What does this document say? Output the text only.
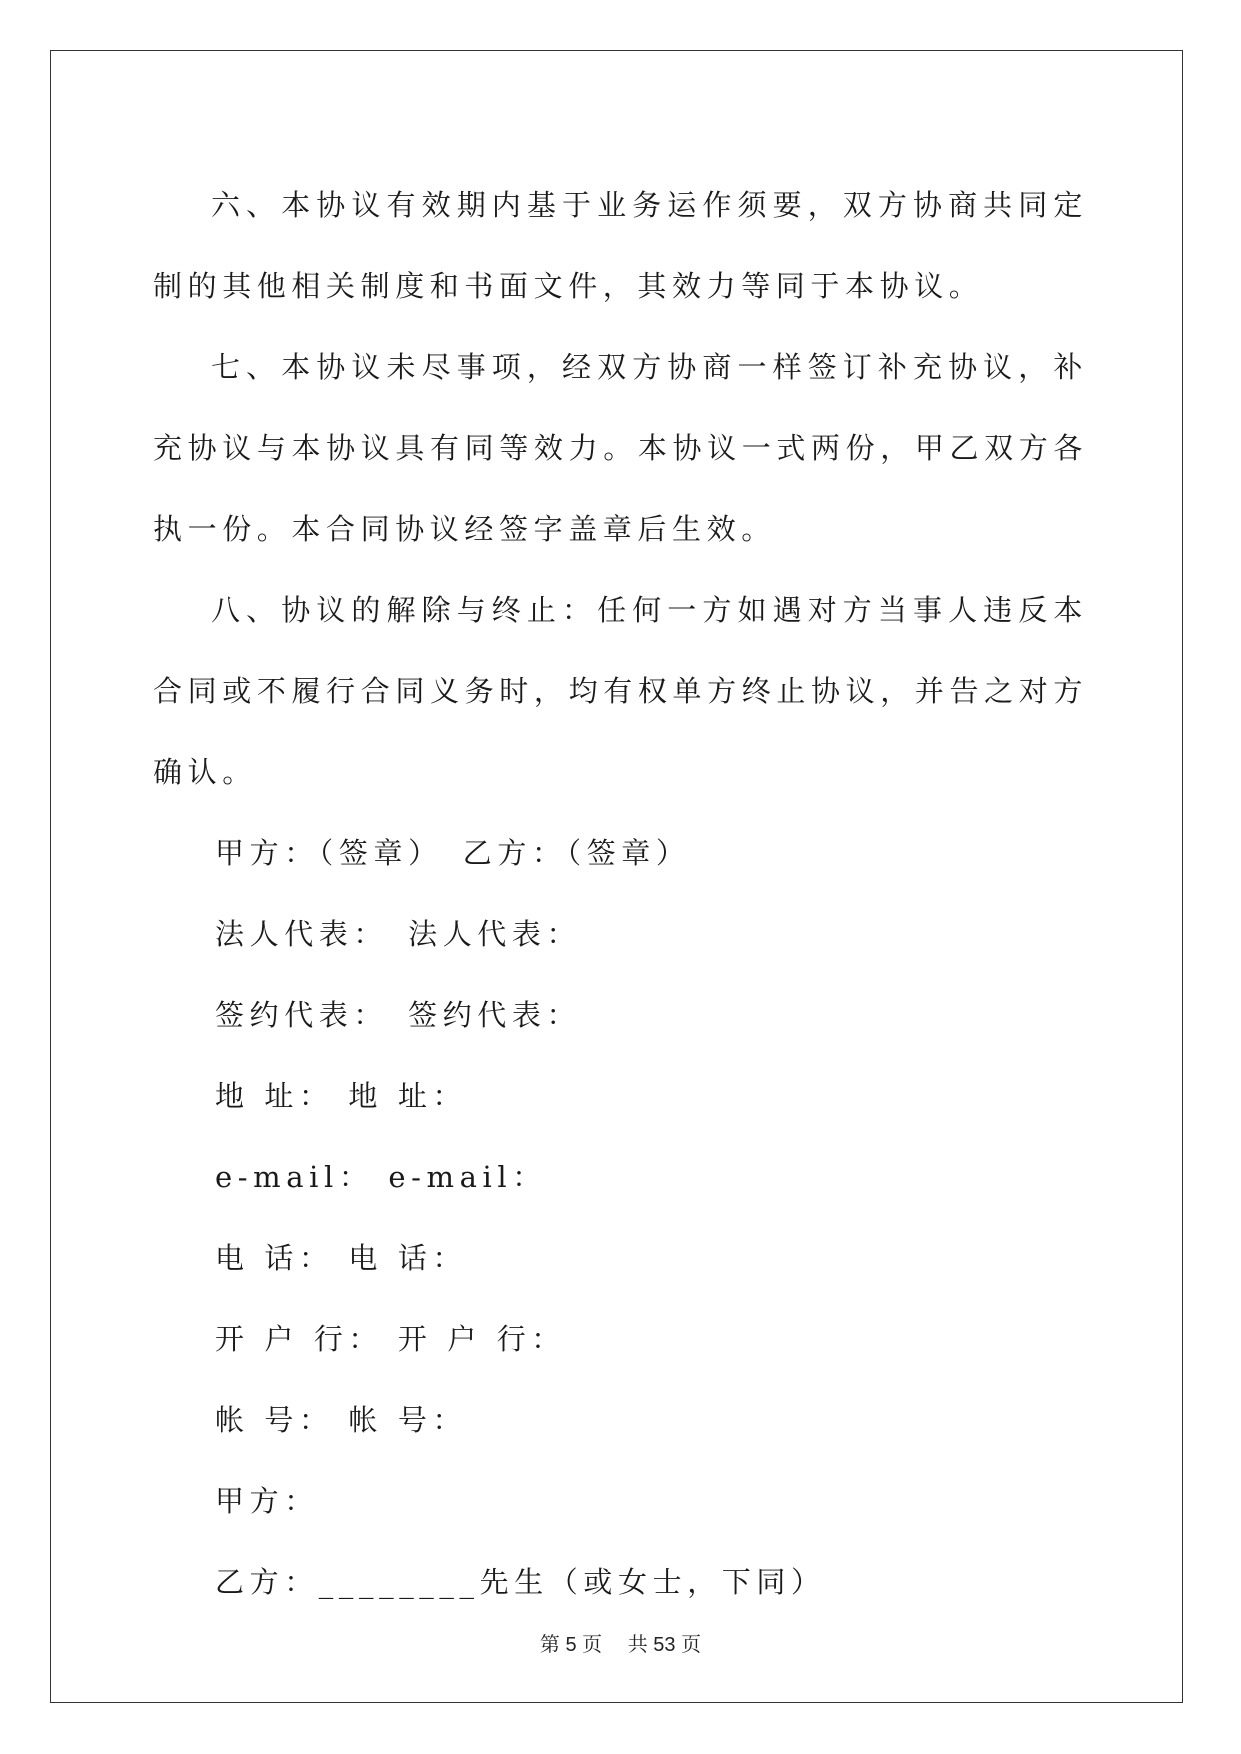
六、本协议有效期内基于业务运作须要，双方协商共同定制的其他相关制度和书面文件，其效力等同于本协议。

七、本协议未尽事项，经双方协商一样签订补充协议，补充协议与本协议具有同等效力。本协议一式两份，甲乙双方各执一份。本合同协议经签字盖章后生效。

八、协议的解除与终止：任何一方如遇对方当事人违反本合同或不履行合同义务时，均有权单方终止协议，并告之对方确认。

甲方：（签章）　乙方：（签章）

法人代表：　法人代表：

签约代表：　签约代表：

地 址： 地 址：

e-mail： e-mail：

电 话： 电 话：

开 户 行： 开 户 行：

帐 号： 帐 号：

甲方：

乙方：________先生（或女士，下同）

第 5 页　 共 53 页
